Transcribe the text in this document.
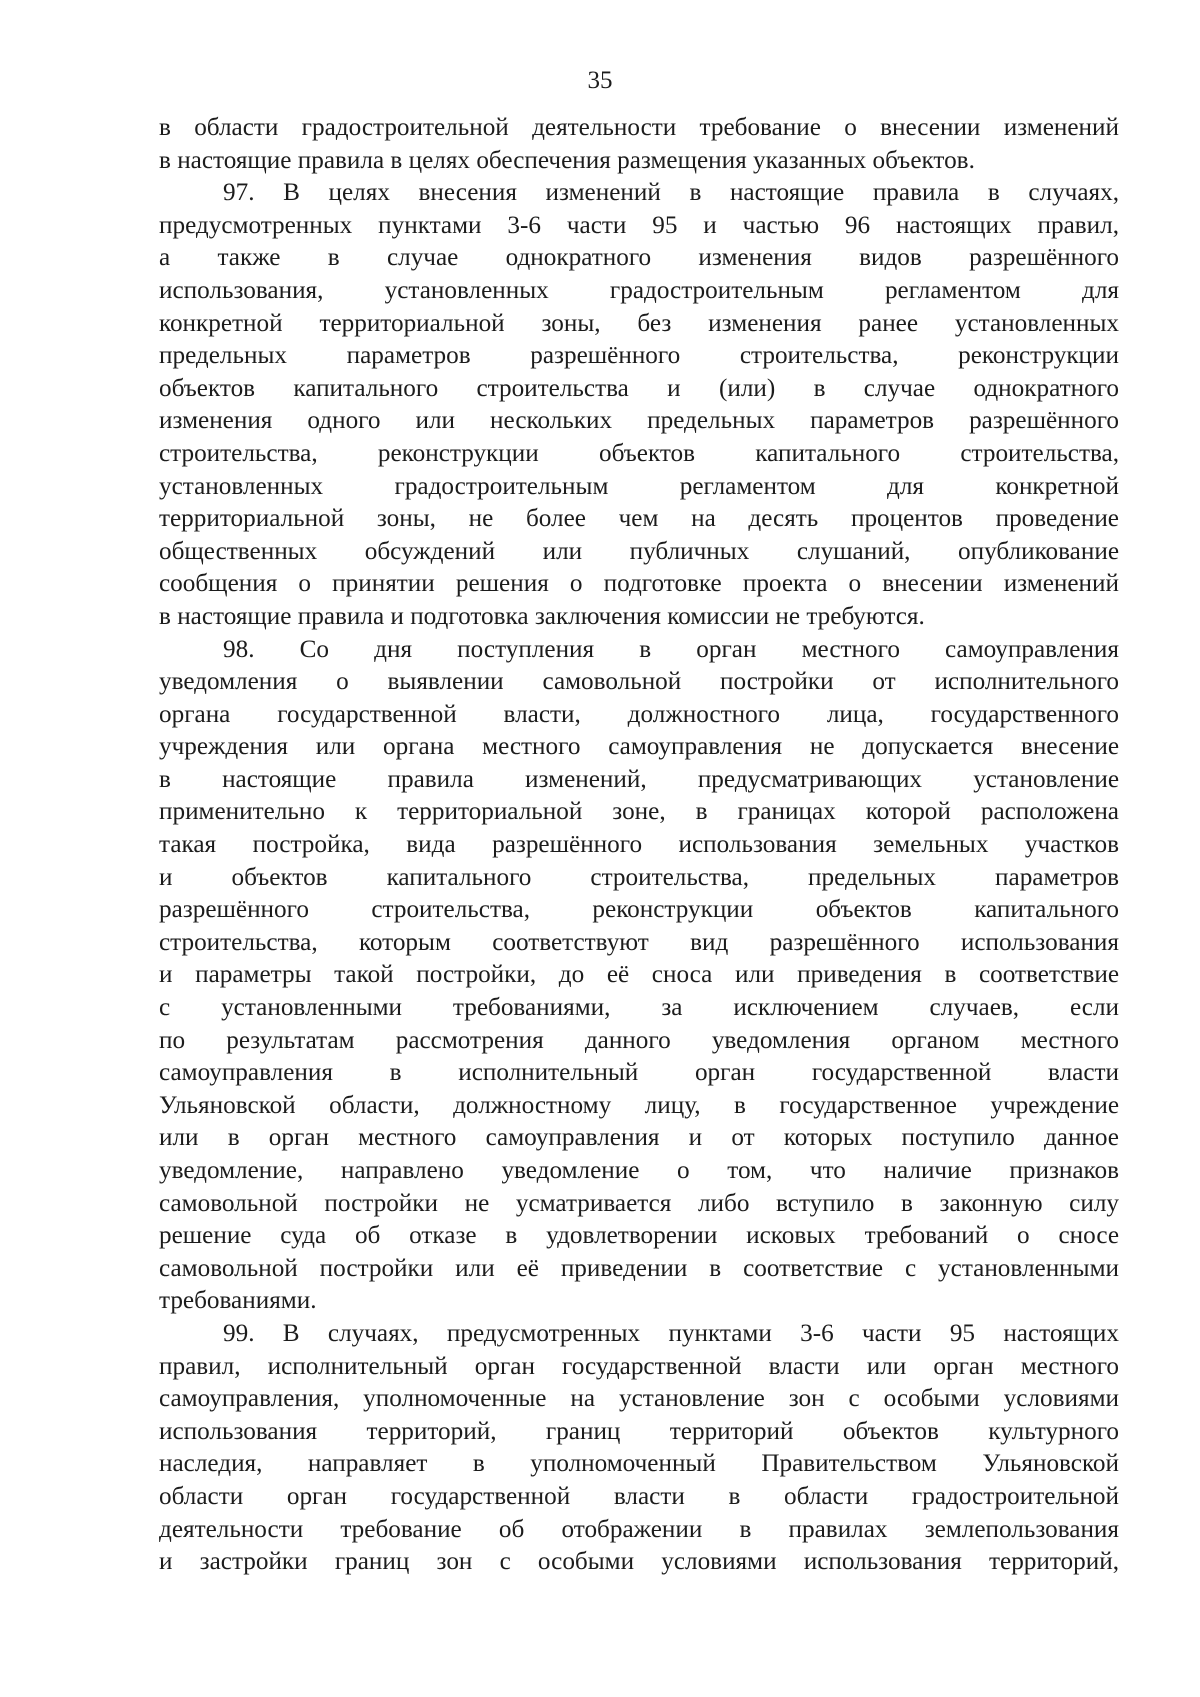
35
в области градостроительной деятельности требование о внесении изменений
в настоящие правила в целях обеспечения размещения указанных объектов.
97. В целях внесения изменений в настоящие правила в случаях,
предусмотренных пунктами 3-6 части 95 и частью 96 настоящих правил,
а также в случае однократного изменения видов разрешённого
использования, установленных градостроительным регламентом для
конкретной территориальной зоны, без изменения ранее установленных
предельных параметров разрешённого строительства, реконструкции
объектов капитального строительства и (или) в случае однократного
изменения одного или нескольких предельных параметров разрешённого
строительства, реконструкции объектов капитального строительства,
установленных градостроительным регламентом для конкретной
территориальной зоны, не более чем на десять процентов проведение
общественных обсуждений или публичных слушаний, опубликование
сообщения о принятии решения о подготовке проекта о внесении изменений
в настоящие правила и подготовка заключения комиссии не требуются.
98. Со дня поступления в орган местного самоуправления
уведомления о выявлении самовольной постройки от исполнительного
органа государственной власти, должностного лица, государственного
учреждения или органа местного самоуправления не допускается внесение
в настоящие правила изменений, предусматривающих установление
применительно к территориальной зоне, в границах которой расположена
такая постройка, вида разрешённого использования земельных участков
и объектов капитального строительства, предельных параметров
разрешённого строительства, реконструкции объектов капитального
строительства, которым соответствуют вид разрешённого использования
и параметры такой постройки, до её сноса или приведения в соответствие
с установленными требованиями, за исключением случаев, если
по результатам рассмотрения данного уведомления органом местного
самоуправления в исполнительный орган государственной власти
Ульяновской области, должностному лицу, в государственное учреждение
или в орган местного самоуправления и от которых поступило данное
уведомление, направлено уведомление о том, что наличие признаков
самовольной постройки не усматривается либо вступило в законную силу
решение суда об отказе в удовлетворении исковых требований о сносе
самовольной постройки или её приведении в соответствие с установленными
требованиями.
99. В случаях, предусмотренных пунктами 3-6 части 95 настоящих
правил, исполнительный орган государственной власти или орган местного
самоуправления, уполномоченные на установление зон с особыми условиями
использования территорий, границ территорий объектов культурного
наследия, направляет в уполномоченный Правительством Ульяновской
области орган государственной власти в области градостроительной
деятельности требование об отображении в правилах землепользования
и застройки границ зон с особыми условиями использования территорий,
